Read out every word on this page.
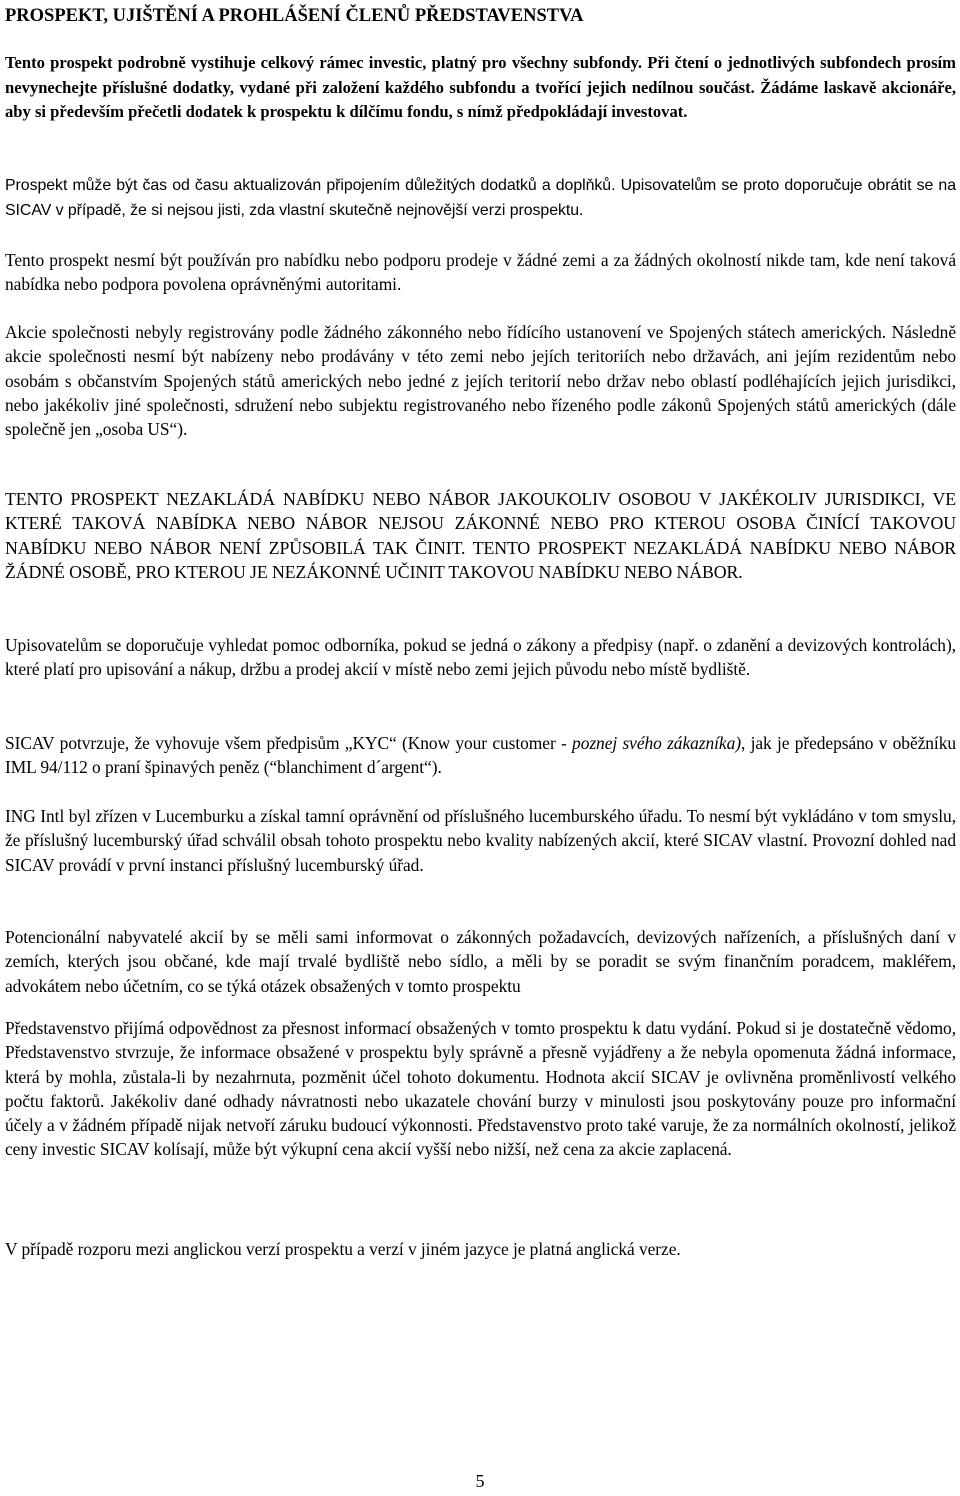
PROSPEKT, UJIŠTĚNÍ A PROHLÁŠENÍ ČLENŮ PŘEDSTAVENSTVA

Tento prospekt podrobně vystihuje celkový rámec investic, platný pro všechny subfondy. Při čtení o jednotlivých subfondech prosím nevynechejte příslušné dodatky, vydané při založení každého subfondu a tvořící jejich nedílnou součást. Žádáme laskavě akcionáře, aby si především přečetli dodatek k prospektu k dílčímu fondu, s nímž předpokládají investovat.

Prospekt může být čas od času aktualizován připojením důležitých dodatků a doplňků. Upisovatelům se proto doporučuje obrátit se na SICAV v případě, že si nejsou jisti, zda vlastní skutečně nejnovější verzi prospektu.

Tento prospekt nesmí být používán pro nabídku nebo podporu prodeje v žádné zemi a za žádných okolností nikde tam, kde není taková nabídka nebo podpora povolena oprávněnými autoritami.

Akcie společnosti nebyly registrovány podle žádného zákonného nebo řídícího ustanovení ve Spojených státech amerických. Následně akcie společnosti nesmí být nabízeny nebo prodávány v této zemi nebo jejích teritoriích nebo državách, ani jejím rezidentům nebo osobám s občanstvím Spojených států amerických nebo jedné z jejích teritorií nebo držav nebo oblastí podléhajících jejich jurisdikci, nebo jakékoliv jiné společnosti, sdružení nebo subjektu registrovaného nebo řízeného podle zákonů Spojených států amerických (dále společně jen „osoba US“).

TENTO PROSPEKT NEZAKLÁDÁ NABÍDKU NEBO NÁBOR JAKOUKOLIV OSOBOU V JAKÉKOLIV JURISDIKCI, VE KTERÉ TAKOVÁ NABÍDKA NEBO NÁBOR NEJSOU ZÁKONNÉ NEBO PRO KTEROU OSOBA ČINÍCÍ TAKOVOU NABÍDKU NEBO NÁBOR NENÍ ZPŮSOBILÁ TAK ČINIT. TENTO PROSPEKT NEZAKLÁDÁ NABÍDKU NEBO NÁBOR ŽÁDNÉ OSOBĚ, PRO KTEROU JE NEZÁKONNÉ UČINIT TAKOVOU NABÍDKU NEBO NÁBOR.

Upisovatelům se doporučuje vyhledat pomoc odborníka, pokud se jedná o zákony a předpisy (např. o zdanění a devizových kontrolách), které platí pro upisování a nákup, držbu a prodej akcií v místě nebo zemi jejich původu nebo místě bydliště.

SICAV potvrzuje, že vyhovuje všem předpisům „KYC“ (Know your customer - poznej svého zákazníka), jak je předepsáno v oběžníku IML 94/112 o praní špinavých peněz (“blanchiment d´argent“).

ING Intl byl zřízen v Lucemburku a získal tamní oprávnění od příslušného lucemburského úřadu. To nesmí být vykládáno v tom smyslu, že příslušný lucemburský úřad schválil obsah tohoto prospektu nebo kvality nabízených akcií, které SICAV vlastní. Provozní dohled nad SICAV provádí v první instanci příslušný lucemburský úřad.

Potencionální nabyvatelé akcií by se měli sami informovat o zákonných požadavcích, devizových nařízeních, a příslušných daní v zemích, kterých jsou občané, kde mají trvalé bydliště nebo sídlo, a měli by se poradit se svým finančním poradcem, makléřem, advokátem nebo účetním, co se týká otázek obsažených v tomto prospektu

Představenstvo přijímá odpovědnost za přesnost informací obsažených v tomto prospektu k datu vydání. Pokud si je dostatečně vědomo, Představenstvo stvrzuje, že informace obsažené v prospektu byly správně a přesně vyjádřeny a že nebyla opomenuta žádná informace, která by mohla, zůstala-li by nezahrnuta, pozměnit účel tohoto dokumentu. Hodnota akcií SICAV je ovlivněna proměnlivostí velkého počtu faktorů. Jakékoliv dané odhady návratnosti nebo ukazatele chování burzy v minulosti jsou poskytovány pouze pro informační účely a v žádném případě nijak netvoří záruku budoucí výkonnosti. Představenstvo proto také varuje, že za normálních okolností, jelikož ceny investic SICAV kolísají, může být výkupní cena akcií vyšší nebo nižší, než cena za akcie zaplacená.

V případě rozporu mezi anglickou verzí prospektu a verzí v jiném jazyce je platná anglická verze.

5
